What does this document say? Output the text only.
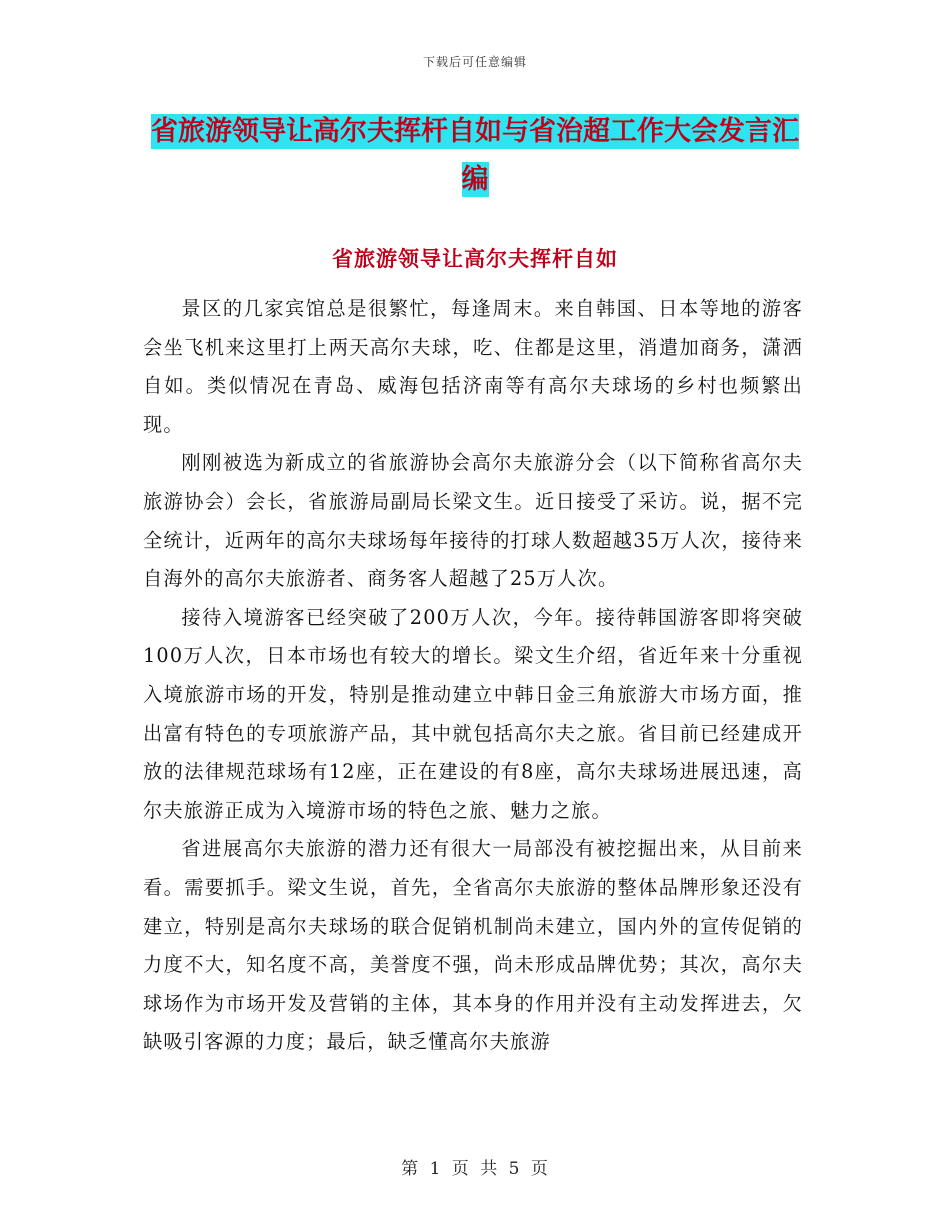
下载后可任意编辑
省旅游领导让高尔夫挥杆自如与省治超工作大会发言汇编
省旅游领导让高尔夫挥杆自如

景区的几家宾馆总是很繁忙，每逢周末。来自韩国、日本等地的游客会坐飞机来这里打上两天高尔夫球，吃、住都是这里，消遣加商务，潇洒自如。类似情况在青岛、威海包括济南等有高尔夫球场的乡村也频繁出现。

刚刚被选为新成立的省旅游协会高尔夫旅游分会（以下简称省高尔夫旅游协会）会长，省旅游局副局长梁文生。近日接受了采访。说，据不完全统计，近两年的高尔夫球场每年接待的打球人数超越35万人次，接待来自海外的高尔夫旅游者、商务客人超越了25万人次。

接待入境游客已经突破了200万人次，今年。接待韩国游客即将突破100万人次，日本市场也有较大的增长。梁文生介绍，省近年来十分重视入境旅游市场的开发，特别是推动建立中韩日金三角旅游大市场方面，推出富有特色的专项旅游产品，其中就包括高尔夫之旅。省目前已经建成开放的法律规范球场有12座，正在建设的有8座，高尔夫球场进展迅速，高尔夫旅游正成为入境游市场的特色之旅、魅力之旅。

省进展高尔夫旅游的潜力还有很大一局部没有被挖掘出来，从目前来看。需要抓手。梁文生说，首先，全省高尔夫旅游的整体品牌形象还没有建立，特别是高尔夫球场的联合促销机制尚未建立，国内外的宣传促销的力度不大，知名度不高，美誉度不强，尚未形成品牌优势；其次，高尔夫球场作为市场开发及营销的主体，其本身的作用并没有主动发挥进去，欠缺吸引客源的力度；最后，缺乏懂高尔夫旅游

第 1 页 共 5 页
